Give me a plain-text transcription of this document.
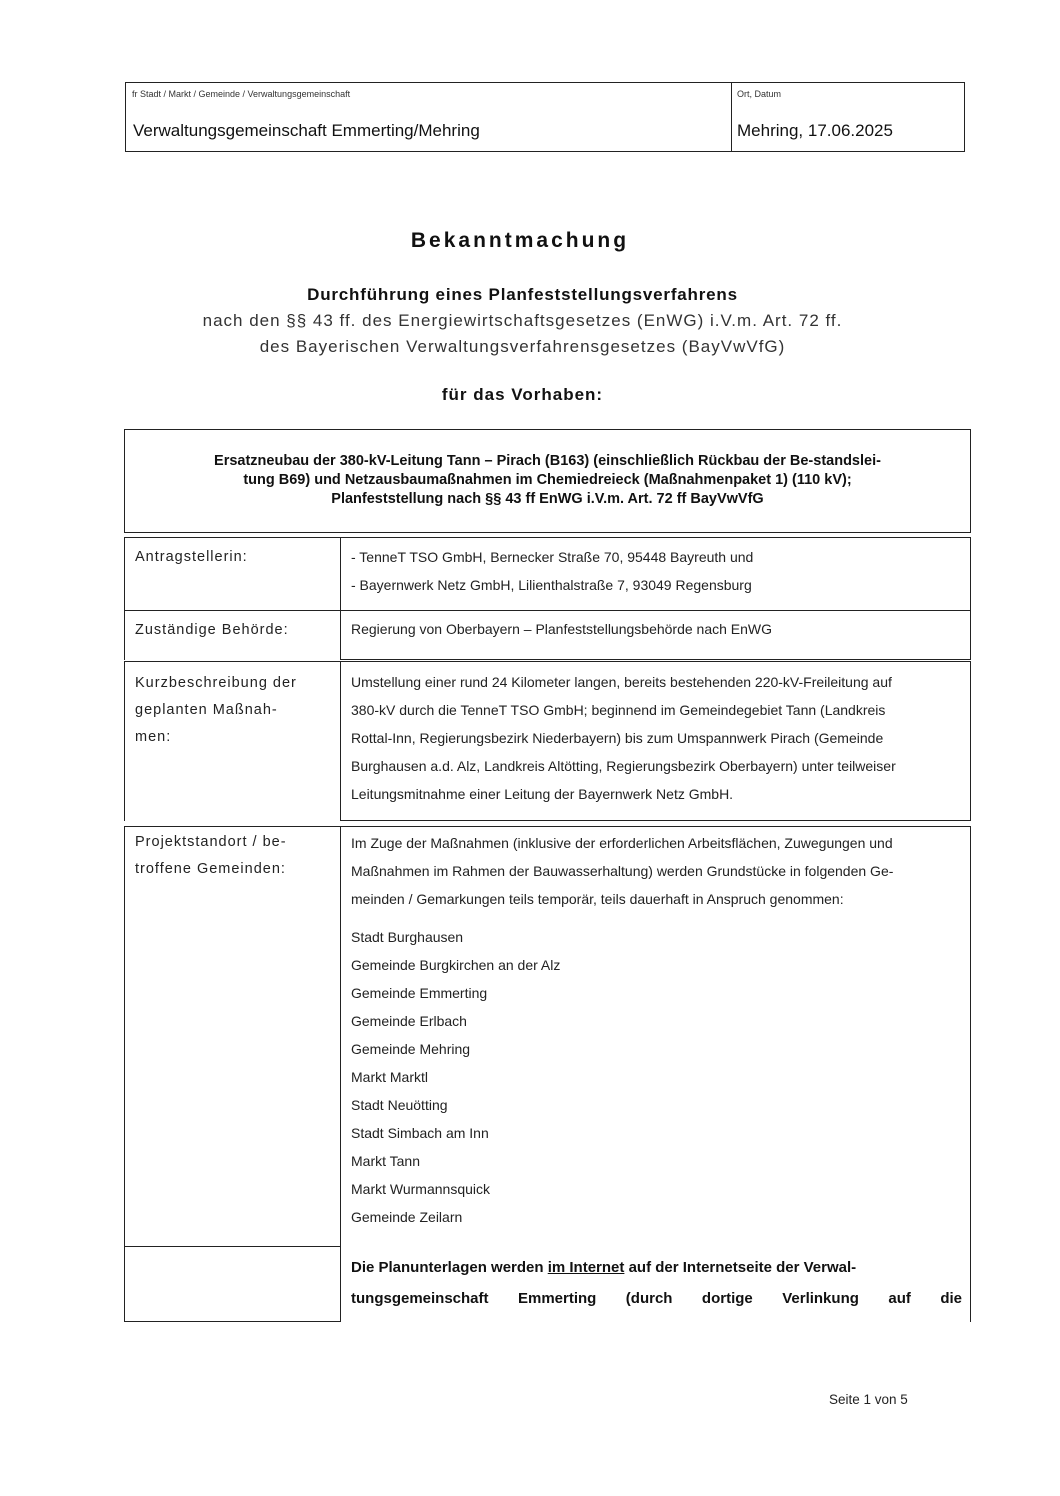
fr Stadt / Markt / Gemeinde / Verwaltungsgemeinschaft
Verwaltungsgemeinschaft Emmerting/Mehring
Ort, Datum
Mehring, 17.06.2025
Bekanntmachung
Durchführung eines Planfeststellungsverfahrens
nach den §§ 43 ff. des Energiewirtschaftsgesetzes (EnWG) i.V.m. Art. 72 ff.
des Bayerischen Verwaltungsverfahrensgesetzes (BayVwVfG)
für das Vorhaben:
Ersatzneubau der 380-kV-Leitung Tann – Pirach (B163) (einschließlich Rückbau der Be-standslei-
tung B69) und Netzausbaumaßnahmen im Chemiedreieck (Maßnahmenpaket 1) (110 kV);
Planfeststellung nach §§ 43 ff EnWG i.V.m. Art. 72 ff BayVwVfG
Antragstellerin:	- TenneT TSO GmbH, Bernecker Straße 70, 95448 Bayreuth und
- Bayernwerk Netz GmbH, Lilienthalstraße 7, 93049 Regensburg
Zuständige Behörde:	Regierung von Oberbayern – Planfeststellungsbehörde nach EnWG
Kurzbeschreibung der
geplanten Maßnah-
men:
Umstellung einer rund 24 Kilometer langen, bereits bestehenden 220-kV-Freileitung auf
380-kV durch die TenneT TSO GmbH; beginnend im Gemeindegebiet Tann (Landkreis
Rottal-Inn, Regierungsbezirk Niederbayern) bis zum Umspannwerk Pirach (Gemeinde
Burghausen a.d. Alz, Landkreis Altötting, Regierungsbezirk Oberbayern) unter teilweiser
Leitungsmitnahme einer Leitung der Bayernwerk Netz GmbH.
Projektstandort / be-
troffene Gemeinden:
Im Zuge der Maßnahmen (inklusive der erforderlichen Arbeitsflächen, Zuwegungen und
Maßnahmen im Rahmen der Bauwasserhaltung) werden Grundstücke in folgenden Ge-
meinden / Gemarkungen teils temporär, teils dauerhaft in Anspruch genommen:
Stadt Burghausen
Gemeinde Burgkirchen an der Alz
Gemeinde Emmerting
Gemeinde Erlbach
Gemeinde Mehring
Markt Marktl
Stadt Neuötting
Stadt Simbach am Inn
Markt Tann
Markt Wurmannsquick
Gemeinde Zeilarn
Die Planunterlagen werden im Internet auf der Internetseite der Verwal-
tungsgemeinschaft Emmerting (durch dortige Verlinkung auf die
Seite 1 von 5
